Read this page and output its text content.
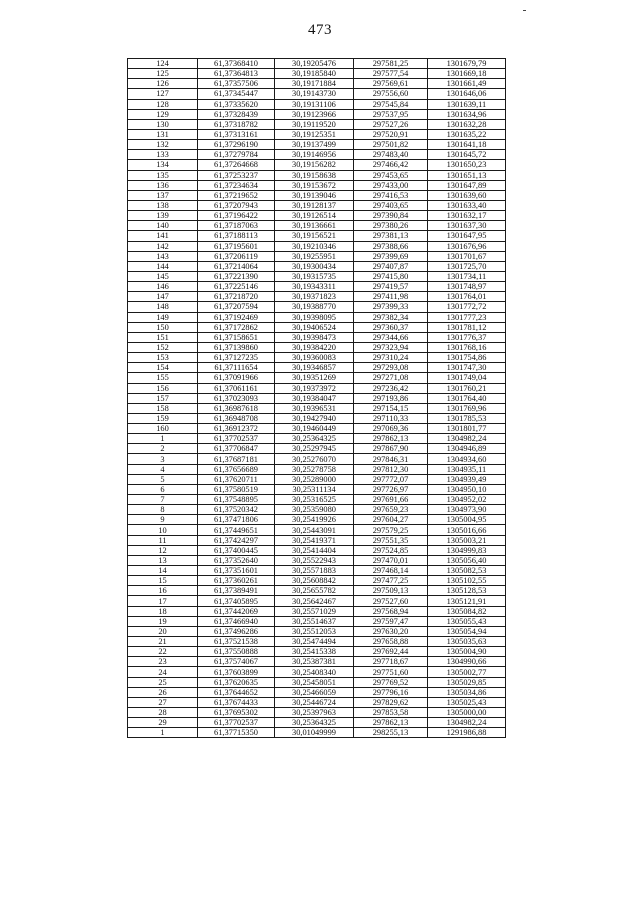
473
124	61,37368410	30,19205476	297581,25	1301679,79
125	61,37364813	30,19185840	297577,54	1301669,18
126	61,37357506	30,19171884	297569,61	1301661,49
127	61,37345447	30,19143730	297556,60	1301646,06
128	61,37335620	30,19131106	297545,84	1301639,11
129	61,37328439	30,19123966	297537,95	1301634,96
130	61,37318782	30,19119520	297527,26	1301632,28
131	61,37313161	30,19125351	297520,91	1301635,22
132	61,37296190	30,19137499	297501,82	1301641,18
133	61,37279784	30,19146956	297483,40	1301645,72
134	61,37264668	30,19156282	297466,42	1301650,23
135	61,37253237	30,19158638	297453,65	1301651,13
136	61,37234634	30,19153672	297433,00	1301647,89
137	61,37219652	30,19139046	297416,53	1301639,60
138	61,37207943	30,19128137	297403,65	1301633,40
139	61,37196422	30,19126514	297390,84	1301632,17
140	61,37187063	30,19136661	297380,26	1301637,30
141	61,37188113	30,19156521	297381,13	1301647,95
142	61,37195601	30,19210346	297388,66	1301676,96
143	61,37206119	30,19255951	297399,69	1301701,67
144	61,37214064	30,19300434	297407,87	1301725,70
145	61,37221390	30,19315735	297415,80	1301734,11
146	61,37225146	30,19343311	297419,57	1301748,97
147	61,37218720	30,19371823	297411,98	1301764,01
148	61,37207594	30,19388770	297399,33	1301772,72
149	61,37192469	30,19398095	297382,34	1301777,23
150	61,37172862	30,19406524	297360,37	1301781,12
151	61,37158651	30,19398473	297344,66	1301776,37
152	61,37139860	30,19384220	297323,94	1301768,16
153	61,37127235	30,19360083	297310,24	1301754,86
154	61,37111654	30,19346857	297293,08	1301747,30
155	61,37091966	30,19351269	297271,08	1301749,04
156	61,37061161	30,19373972	297236,42	1301760,21
157	61,37023093	30,19384047	297193,86	1301764,40
158	61,36987618	30,19396531	297154,15	1301769,96
159	61,36948708	30,19427940	297110,33	1301785,53
160	61,36912372	30,19460449	297069,36	1301801,77
1	61,37702537	30,25364325	297862,13	1304982,24
2	61,37706847	30,25297945	297867,90	1304946,89
3	61,37687181	30,25276070	297846,31	1304934,60
4	61,37656689	30,25278758	297812,30	1304935,11
5	61,37620711	30,25289000	297772,07	1304939,49
6	61,37580519	30,25311134	297726,97	1304950,10
7	61,37548895	30,25316525	297691,66	1304952,02
8	61,37520342	30,25359080	297659,23	1304973,90
9	61,37471806	30,25419926	297604,27	1305004,95
10	61,37449651	30,25443091	297579,25	1305016,66
11	61,37424297	30,25419371	297551,35	1305003,21
12	61,37400445	30,25414404	297524,85	1304999,83
13	61,37352640	30,25522943	297470,01	1305056,40
14	61,37351601	30,25571883	297468,14	1305082,53
15	61,37360261	30,25608842	297477,25	1305102,55
16	61,37389491	30,25655782	297509,13	1305128,53
17	61,37405895	30,25642467	297527,60	1305121,91
18	61,37442069	30,25571029	297568,94	1305084,82
19	61,37466940	30,25514637	297597,47	1305055,43
20	61,37496286	30,25512053	297630,20	1305054,94
21	61,37521538	30,25474494	297658,88	1305035,63
22	61,37550888	30,25415338	297692,44	1305004,90
23	61,37574067	30,25387381	297718,67	1304990,66
24	61,37603899	30,25408340	297751,60	1305002,77
25	61,37620635	30,25458051	297769,52	1305029,85
26	61,37644652	30,25466059	297796,16	1305034,86
27	61,37674433	30,25446724	297829,62	1305025,43
28	61,37695302	30,25397963	297853,58	1305000,00
29	61,37702537	30,25364325	297862,13	1304982,24
1	61,37715350	30,01049999	298255,13	1291986,88
